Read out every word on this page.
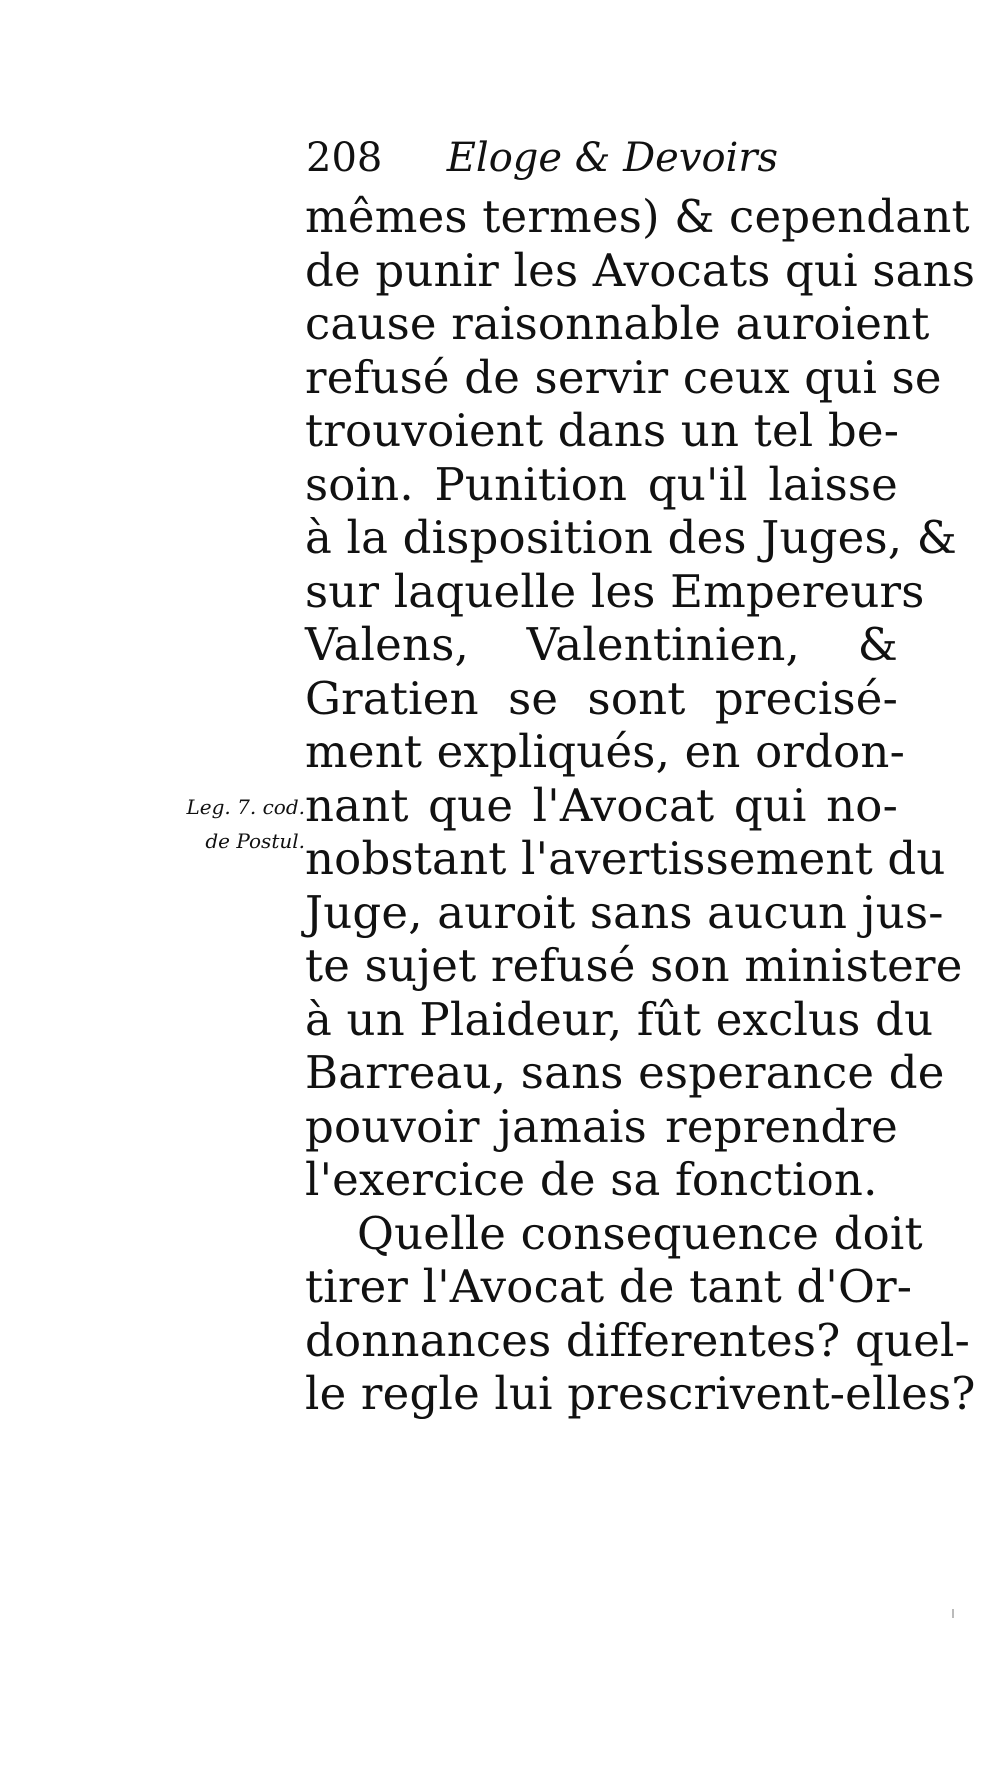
208 Eloge & Devoirs
Leg. 7. cod.
de Postul.
mêmes termes) & cependant
de punir les Avocats qui sans
cause raisonnable auroient
refusé de servir ceux qui se
trouvoient dans un tel be-
soin. Punition qu'il laisse
à la disposition des Juges, &
sur laquelle les Empereurs
Valens, Valentinien, &
Gratien se sont precisé-
ment expliqués, en ordon-
nant que l'Avocat qui no-
nobstant l'avertissement du
Juge, auroit sans aucun jus-
te sujet refusé son ministere
à un Plaideur, fût exclus du
Barreau, sans esperance de
pouvoir jamais reprendre
l'exercice de sa fonction.
Quelle consequence doit
tirer l'Avocat de tant d'Or-
donnances differentes? quel-
le regle lui prescrivent-elles?
